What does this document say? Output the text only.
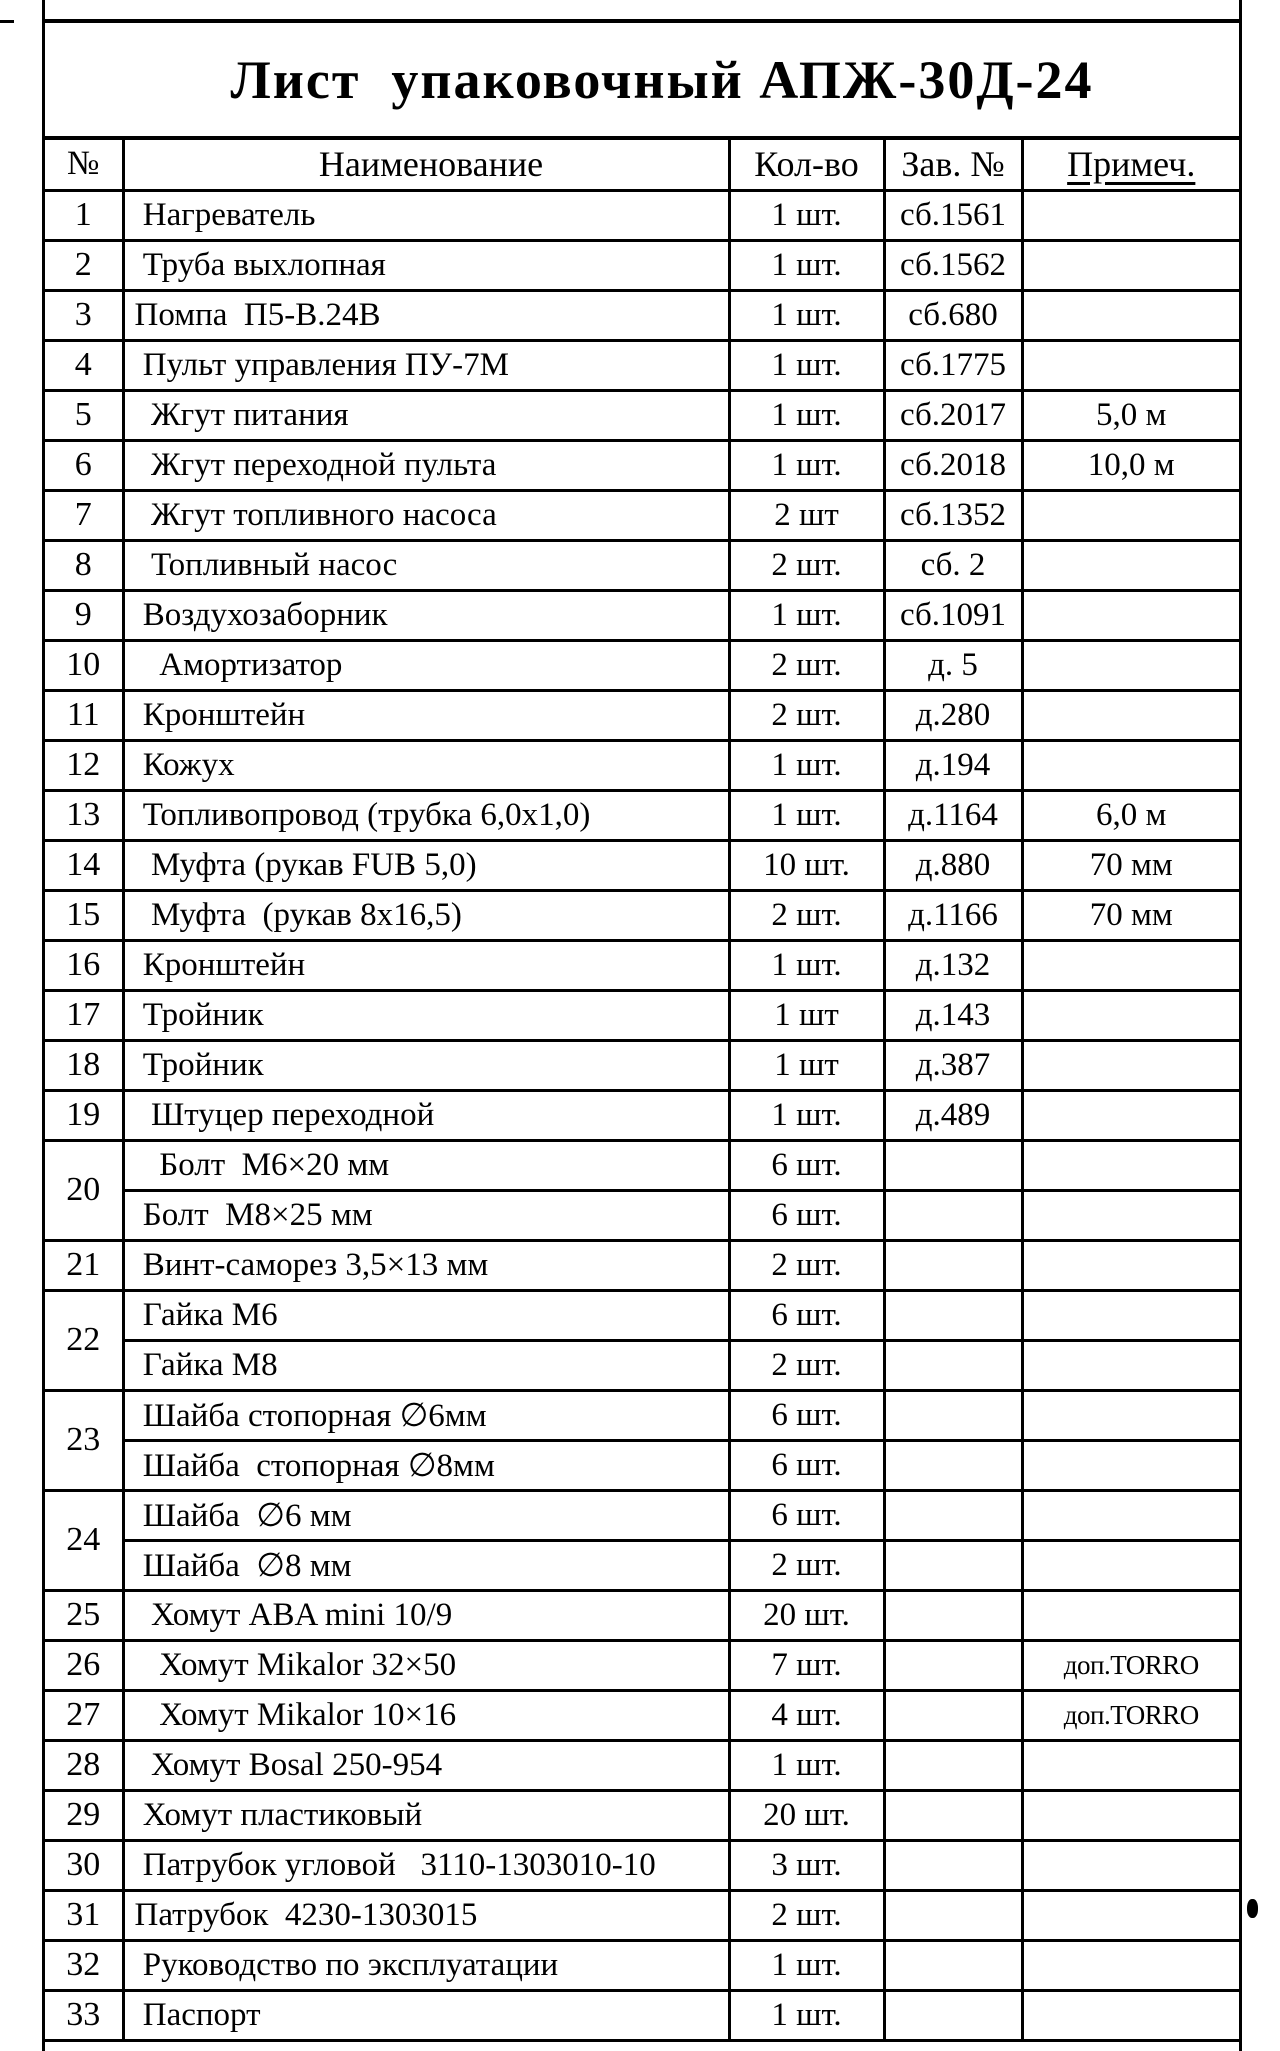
Лист  упаковочный АПЖ-30Д-24
№	Наименование	Кол-во	Зав. №	Примеч.
1	Нагреватель	1 шт.	сб.1561	
2	Труба выхлопная	1 шт.	сб.1562	
3	Помпа  П5-В.24В	1 шт.	сб.680	
4	Пульт управления ПУ-7М	1 шт.	сб.1775	
5	Жгут питания	1 шт.	сб.2017	5,0 м
6	Жгут переходной пульта	1 шт.	сб.2018	10,0 м
7	Жгут топливного насоса	2 шт	сб.1352	
8	Топливный насос	2 шт.	сб. 2	
9	Воздухозаборник	1 шт.	сб.1091	
10	Амортизатор	2 шт.	д. 5	
11	Кронштейн	2 шт.	д.280	
12	Кожух	1 шт.	д.194	
13	Топливопровод (трубка 6,0х1,0)	1 шт.	д.1164	6,0 м
14	Муфта (рукав FUB 5,0)	10 шт.	д.880	70 мм
15	Муфта  (рукав 8х16,5)	2 шт.	д.1166	70 мм
16	Кронштейн	1 шт.	д.132	
17	Тройник	1 шт	д.143	
18	Тройник	1 шт	д.387	
19	Штуцер переходной	1 шт.	д.489	
20	Болт  М6×20 мм	6 шт.		
	Болт  М8×25 мм	6 шт.		
21	Винт-саморез 3,5×13 мм	2 шт.		
22	Гайка М6	6 шт.		
	Гайка М8	2 шт.		
23	Шайба стопорная ∅6мм	6 шт.		
	Шайба  стопорная ∅8мм	6 шт.		
24	Шайба  ∅6 мм	6 шт.		
	Шайба  ∅8 мм	2 шт.		
25	Хомут ABA mini 10/9	20 шт.		
26	Хомут Mikalor 32×50	7 шт.		доп.TORRO
27	Хомут Mikalor 10×16	4 шт.		доп.TORRO
28	Хомут Bosal 250-954	1 шт.		
29	Хомут пластиковый	20 шт.		
30	Патрубок угловой   3110-1303010-10	3 шт.		
31	Патрубок  4230-1303015	2 шт.		
32	Руководство по эксплуатации	1 шт.		
33	Паспорт	1 шт.		
